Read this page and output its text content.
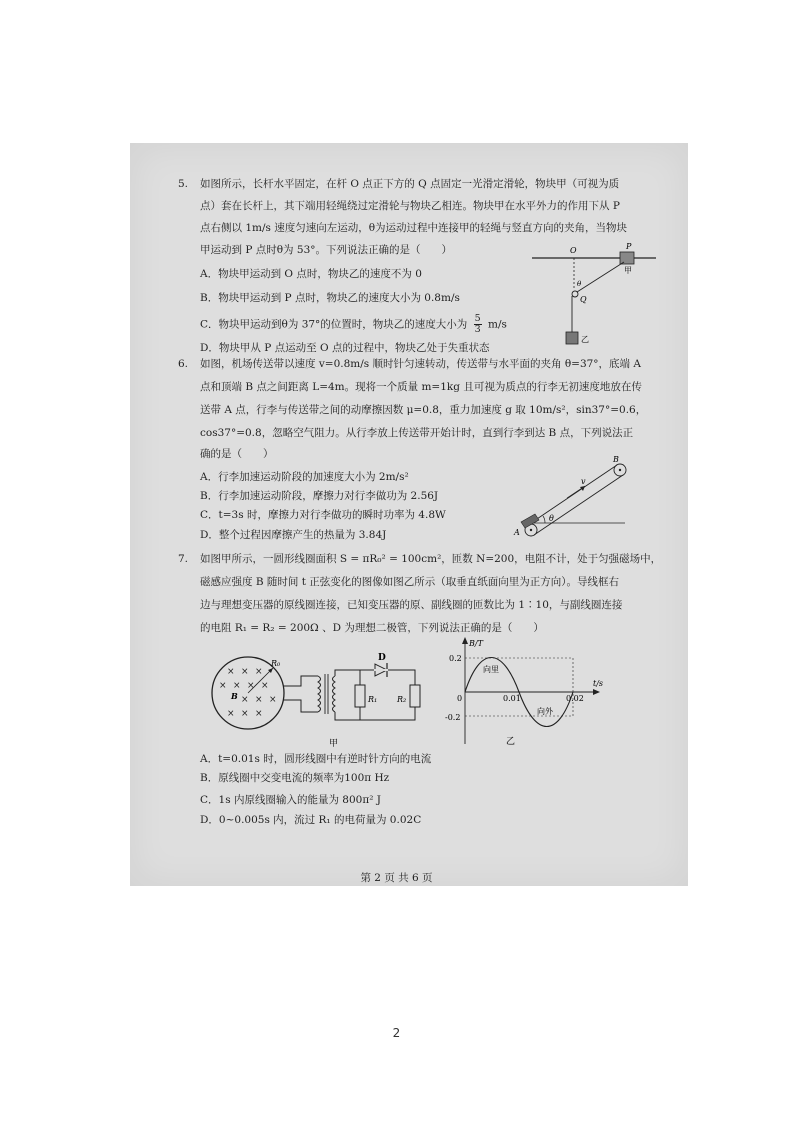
5. 如图所示，长杆水平固定，在杆 O 点正下方的 Q 点固定一光滑定滑轮，物块甲（可视为质
点）套在长杆上，其下端用轻绳绕过定滑轮与物块乙相连。物块甲在水平外力的作用下从 P
点右侧以 1m/s 速度匀速向左运动，θ为运动过程中连接甲的轻绳与竖直方向的夹角，当物块
甲运动到 P 点时θ为 53°。下列说法正确的是（　　）
A．物块甲运动到 O 点时，物块乙的速度不为 0
B．物块甲运动到 P 点时，物块乙的速度大小为 0.8m/s
C．物块甲运动到θ为 37°的位置时，物块乙的速度大小为 $\frac{5}{3} m/s$
D．物块甲从 P 点运动至 O 点的过程中，物块乙处于失重状态
O	P
甲
θ
Q
乙
6. 如图，机场传送带以速度 v=0.8m/s 顺时针匀速转动，传送带与水平面的夹角 θ=37°，底端 A
点和顶端 B 点之间距离 L=4m。现将一个质量 m=1kg 且可视为质点的行李无初速度地放在传
送带 A 点，行李与传送带之间的动摩擦因数 μ=0.8，重力加速度 g 取 10m/s²，sin37°=0.6，
cos37°=0.8，忽略空气阻力。从行李放上传送带开始计时，直到行李到达 B 点，下列说法正
确的是（　　）
A．行李加速运动阶段的加速度大小为 2m/s²
B．行李加速运动阶段，摩擦力对行李做功为 2.56J
C．t=3s 时，摩擦力对行李做功的瞬时功率为 4.8W
D．整个过程因摩擦产生的热量为 3.84J	A
B
v
θ
7. 如图甲所示，一圆形线圈面积 S = πR₀² = 100cm²，匝数 N=200，电阻不计，处于匀强磁场中，
磁感应强度 B 随时间 t 正弦变化的图像如图乙所示（取垂直纸面向里为正方向）。导线框右
边与理想变压器的原线圈连接，已知变压器的原、副线圈的匝数比为 1∶10，与副线圈连接
的电阻 R₁ = R₂ = 200Ω 、D 为理想二极管，下列说法正确的是（　　）
× × ×
× × × ×
× × ×
× × ×
R₀
B	R₁ R₂
D
甲
B/T
t/s
0.2
-0.2
0	0.01	0.02
向里
向外
乙
A．t=0.01s 时，圆形线圈中有逆时针方向的电流
B．原线圈中交变电流的频率为100π Hz
C．1s 内原线圈输入的能量为 800π² J
D．0~0.005s 内，流过 R₁ 的电荷量为 0.02C
第 2 页 共 6 页
2
